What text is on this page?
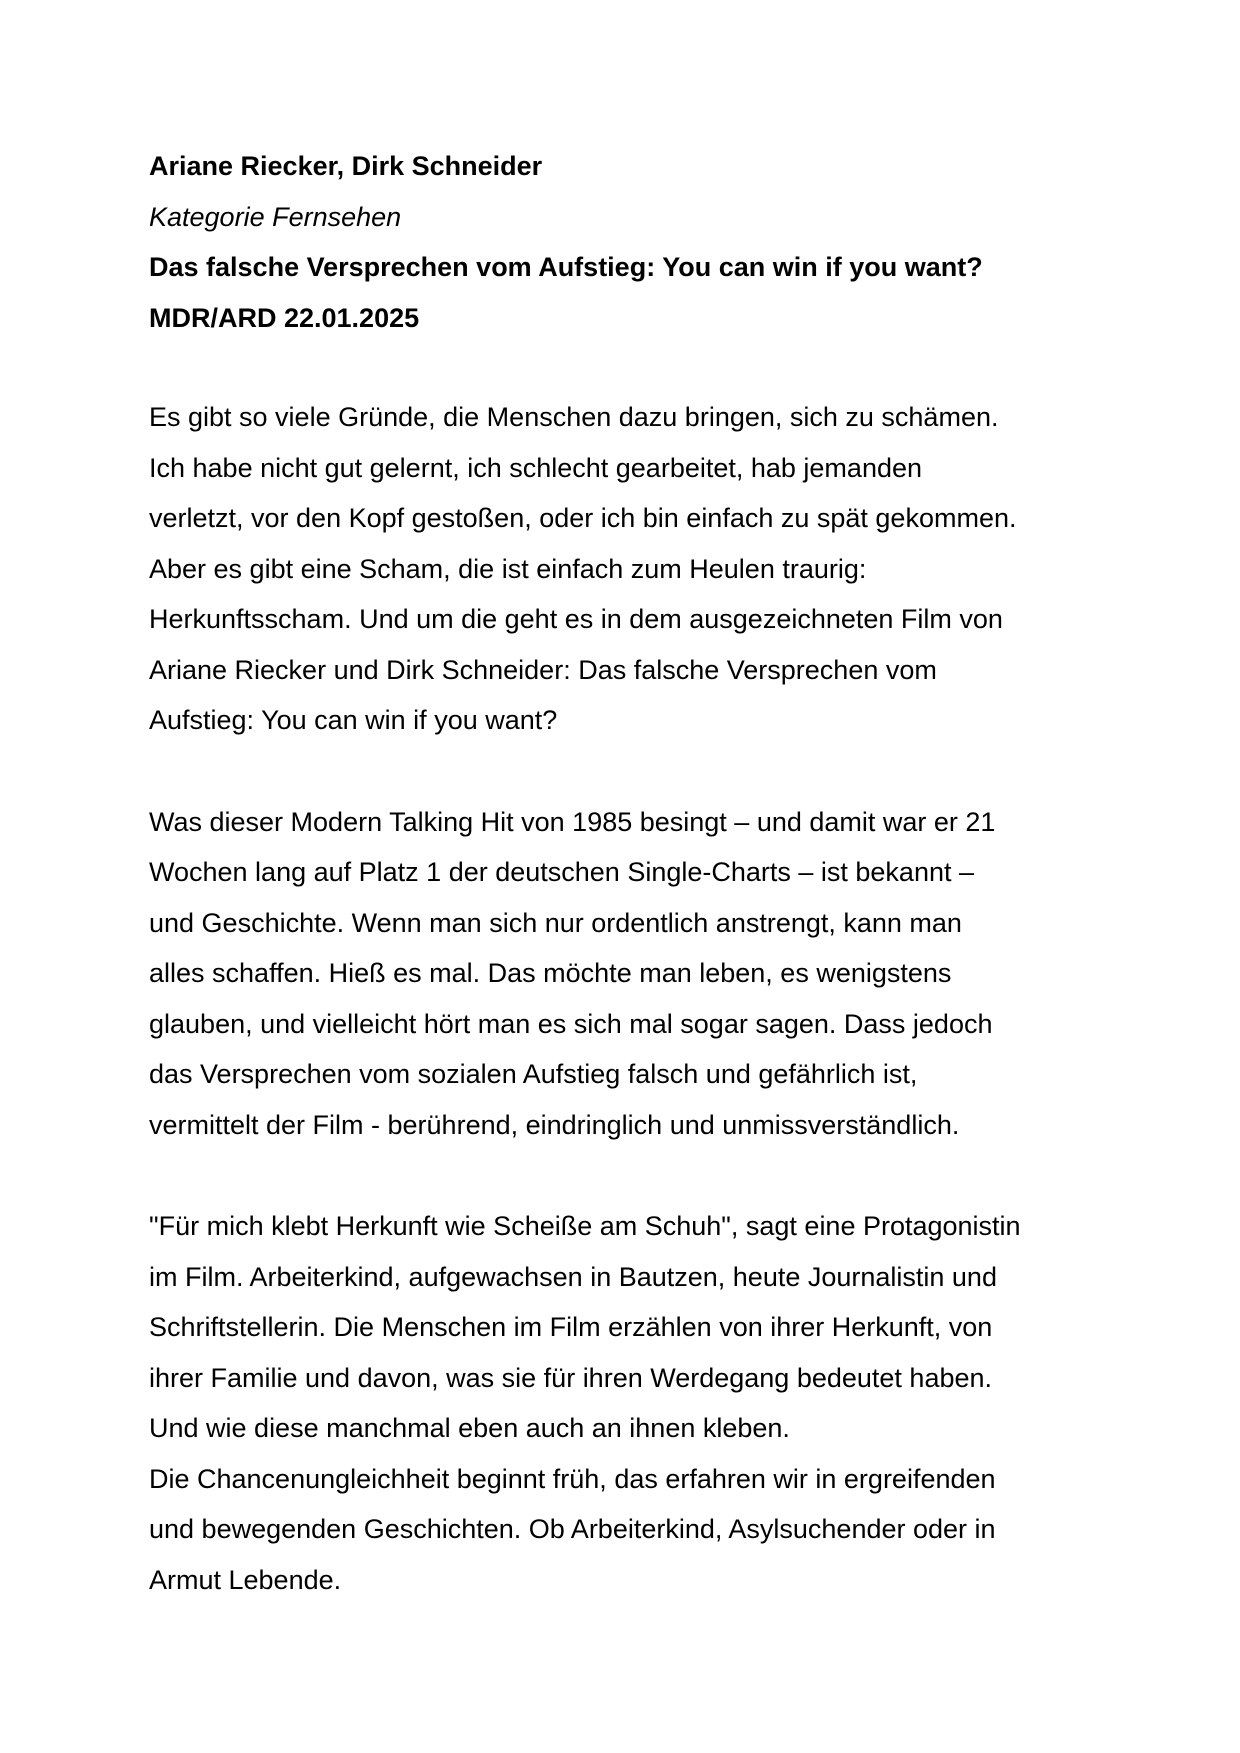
Ariane Riecker, Dirk Schneider
Kategorie Fernsehen
Das falsche Versprechen vom Aufstieg: You can win if you want?
MDR/ARD 22.01.2025
Es gibt so viele Gründe, die Menschen dazu bringen, sich zu schämen.
Ich habe nicht gut gelernt, ich schlecht gearbeitet, hab jemanden
verletzt, vor den Kopf gestoßen, oder ich bin einfach zu spät gekommen.
Aber es gibt eine Scham, die ist einfach zum Heulen traurig:
Herkunftsscham. Und um die geht es in dem ausgezeichneten Film von
Ariane Riecker und Dirk Schneider: Das falsche Versprechen vom
Aufstieg: You can win if you want?
Was dieser Modern Talking Hit von 1985 besingt – und damit war er 21
Wochen lang auf Platz 1 der deutschen Single-Charts – ist bekannt –
und Geschichte. Wenn man sich nur ordentlich anstrengt, kann man
alles schaffen. Hieß es mal. Das möchte man leben, es wenigstens
glauben, und vielleicht hört man es sich mal sogar sagen. Dass jedoch
das Versprechen vom sozialen Aufstieg falsch und gefährlich ist,
vermittelt der Film - berührend, eindringlich und unmissverständlich.
"Für mich klebt Herkunft wie Scheiße am Schuh", sagt eine Protagonistin
im Film. Arbeiterkind, aufgewachsen in Bautzen, heute Journalistin und
Schriftstellerin. Die Menschen im Film erzählen von ihrer Herkunft, von
ihrer Familie und davon, was sie für ihren Werdegang bedeutet haben.
Und wie diese manchmal eben auch an ihnen kleben.
Die Chancenungleichheit beginnt früh, das erfahren wir in ergreifenden
und bewegenden Geschichten. Ob Arbeiterkind, Asylsuchender oder in
Armut Lebende.
